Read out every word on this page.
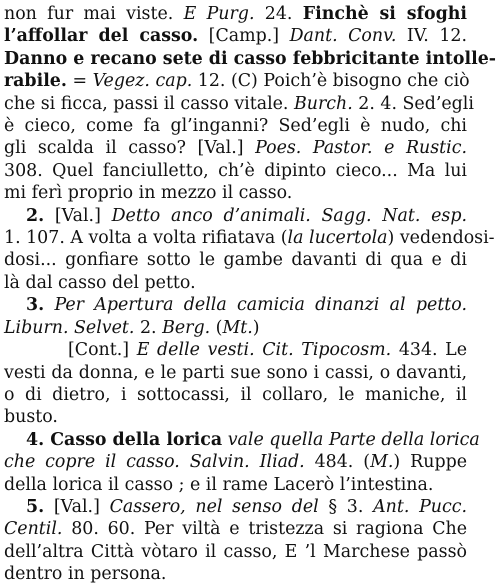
non fur mai viste. E Purg. 24. Finchè si sfoghi
l’affollar del casso. [Camp.] Dant. Conv. IV. 12.
Danno e recano sete di casso febbricitante intolle-
rabile. = Vegez. cap. 12. (C) Poich’è bisogno che ciò
che si ficca, passi il casso vitale. Burch. 2. 4. Sed’egli
è cieco, come fa gl’inganni? Sed’egli è nudo, chi
gli scalda il casso? [Val.] Poes. Pastor. e Rustic.
308. Quel fanciulletto, ch’è dipinto cieco... Ma lui
mi ferì proprio in mezzo il casso.
2. [Val.] Detto anco d’animali. Sagg. Nat. esp.
1. 107. A volta a volta rifiatava (la lucertola) vedendosi-
dosi... gonfiare sotto le gambe davanti di qua e di
là dal casso del petto.
3. Per Apertura della camicia dinanzi al petto.
Liburn. Selvet. 2. Berg. (Mt.)
[Cont.] E delle vesti. Cit. Tipocosm. 434. Le
vesti da donna, e le parti sue sono i cassi, o davanti,
o di dietro, i sottocassi, il collaro, le maniche, il
busto.
4. Casso della lorica vale quella Parte della lorica
che copre il casso. Salvin. Iliad. 484. (M.) Ruppe
della lorica il casso ; e il rame Lacerò l’intestina.
5. [Val.] Cassero, nel senso del § 3. Ant. Pucc.
Centil. 80. 60. Per viltà e tristezza si ragiona Che
dell’altra Città vòtaro il casso, E ’l Marchese passò
dentro in persona.
